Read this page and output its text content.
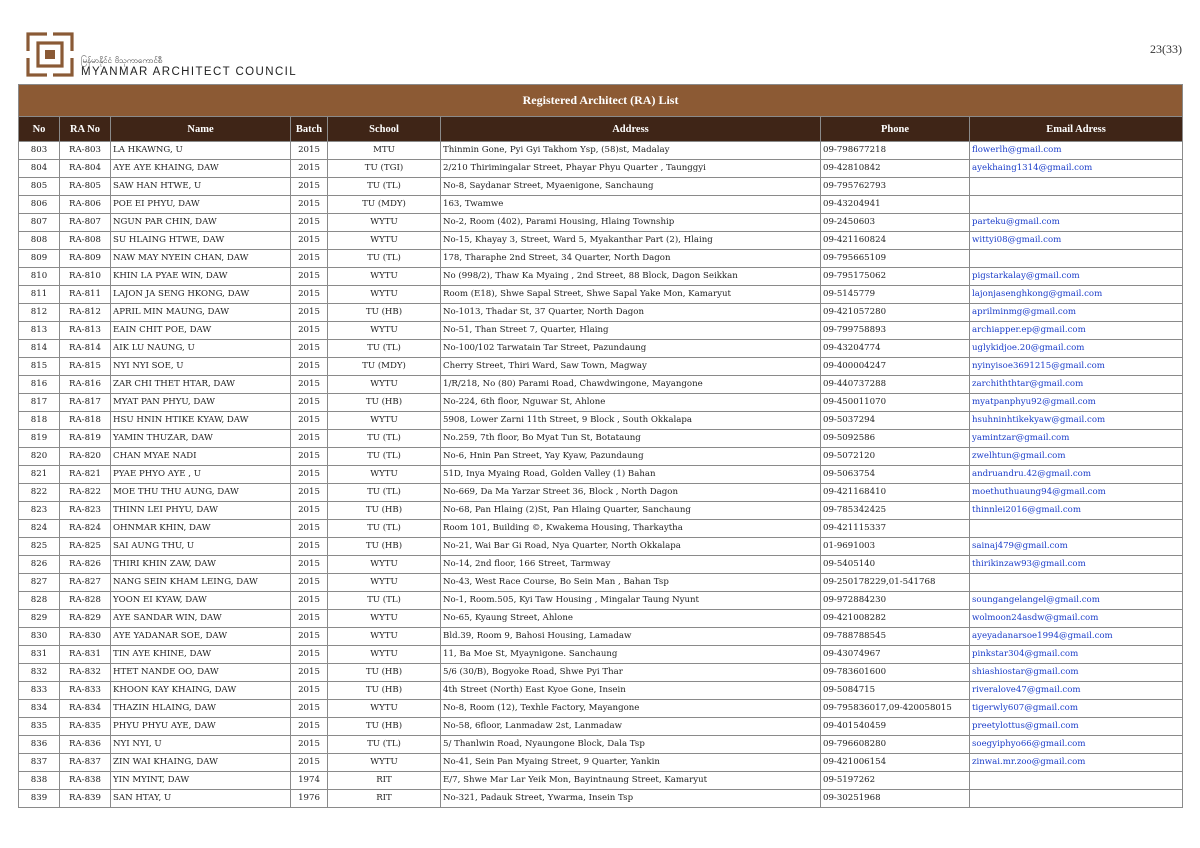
မြန်မာနိုင်ငံ ဗိသုကာကောင်စီ
MYANMAR ARCHITECT COUNCIL
23(33)
Registered Architect (RA) List							
No	RA No	Name	Batch	School	Address	Phone	Email Adress
803	RA-803	LA HKAWNG, U	2015	MTU	Thinmin Gone, Pyi Gyi Takhom Ysp, (58)st, Madalay	09-798677218	flowerlh@gmail.com
804	RA-804	AYE AYE KHAING, DAW	2015	TU (TGI)	2/210 Thirimingalar Street, Phayar Phyu Quarter , Taunggyi	09-42810842	ayekhaing1314@gmail.com
805	RA-805	SAW HAN HTWE, U	2015	TU (TL)	No-8, Saydanar Street, Myaenigone, Sanchaung	09-795762793	
806	RA-806	POE EI PHYU, DAW	2015	TU (MDY)	163, Twamwe	09-43204941	
807	RA-807	NGUN PAR CHIN, DAW	2015	WYTU	No-2, Room (402), Parami Housing, Hlaing Township	09-2450603	parteku@gmail.com
808	RA-808	SU HLAING HTWE, DAW	2015	WYTU	No-15, Khayay 3, Street, Ward 5, Myakanthar Part (2), Hlaing	09-421160824	wittyi08@gmail.com
809	RA-809	NAW MAY NYEIN CHAN, DAW	2015	TU (TL)	178, Tharaphe 2nd Street, 34 Quarter, North Dagon	09-795665109	
810	RA-810	KHIN LA PYAE WIN, DAW	2015	WYTU	No (998/2), Thaw Ka Myaing , 2nd Street, 88 Block, Dagon Seikkan	09-795175062	pigstarkalay@gmail.com
811	RA-811	LAJON JA SENG HKONG, DAW	2015	WYTU	Room (E18), Shwe Sapal Street, Shwe Sapal Yake Mon, Kamaryut	09-5145779	lajonjasenghkong@gmail.com
812	RA-812	APRIL MIN MAUNG, DAW	2015	TU (HB)	No-1013, Thadar St, 37 Quarter, North Dagon	09-421057280	aprilminmg@gmail.com
813	RA-813	EAIN CHIT POE, DAW	2015	WYTU	No-51, Than Street 7, Quarter, Hlaing	09-799758893	archiapper.ep@gmail.com
814	RA-814	AIK LU NAUNG, U	2015	TU (TL)	No-100/102 Tarwatain Tar Street, Pazundaung	09-43204774	uglykidjoe.20@gmail.com
815	RA-815	NYI NYI SOE, U	2015	TU (MDY)	Cherry Street, Thiri Ward, Saw Town, Magway	09-400004247	nyinyisoe3691215@gmail.com
816	RA-816	ZAR CHI THET HTAR, DAW	2015	WYTU	1/R/218, No (80) Parami Road, Chawdwingone, Mayangone	09-440737288	zarchiththtar@gmail.com
817	RA-817	MYAT PAN PHYU, DAW	2015	TU (HB)	No-224, 6th floor, Nguwar St, Ahlone	09-450011070	myatpanphyu92@gmail.com
818	RA-818	HSU HNIN HTIKE KYAW, DAW	2015	WYTU	5908, Lower Zarni 11th Street, 9 Block , South Okkalapa	09-5037294	hsuhninhtikekyaw@gmail.com
819	RA-819	YAMIN THUZAR, DAW	2015	TU (TL)	No.259, 7th floor, Bo Myat Tun St, Botataung	09-5092586	yamintzar@gmail.com
820	RA-820	CHAN MYAE NADI	2015	TU (TL)	No-6, Hnin Pan Street, Yay Kyaw, Pazundaung	09-5072120	zwelhtun@gmail.com
821	RA-821	PYAE PHYO AYE , U	2015	WYTU	51D, Inya Myaing Road, Golden Valley (1) Bahan	09-5063754	andruandru.42@gmail.com
822	RA-822	MOE THU THU AUNG, DAW	2015	TU (TL)	No-669, Da Ma Yarzar Street 36, Block , North Dagon	09-421168410	moethuthuaung94@gmail.com
823	RA-823	THINN LEI PHYU, DAW	2015	TU (HB)	No-68, Pan Hlaing (2)St, Pan Hlaing Quarter, Sanchaung	09-785342425	thinnlei2016@gmail.com
824	RA-824	OHNMAR KHIN, DAW	2015	TU (TL)	Room 101, Building ©, Kwakema Housing, Tharkaytha	09-421115337	
825	RA-825	SAI AUNG THU, U	2015	TU (HB)	No-21, Wai Bar Gi Road, Nya Quarter, North Okkalapa	01-9691003	sainaj479@gmail.com
826	RA-826	THIRI KHIN ZAW, DAW	2015	WYTU	No-14, 2nd floor, 166 Street, Tarmway	09-5405140	thirikinzaw93@gmail.com
827	RA-827	NANG SEIN KHAM LEING, DAW	2015	WYTU	No-43, West Race Course, Bo Sein Man , Bahan Tsp	09-250178229,01-541768	
828	RA-828	YOON EI KYAW, DAW	2015	TU (TL)	No-1, Room.505, Kyi Taw Housing , Mingalar Taung Nyunt	09-972884230	soungangelangel@gmail.com
829	RA-829	AYE SANDAR WIN, DAW	2015	WYTU	No-65, Kyaung Street, Ahlone	09-421008282	wolmoon24asdw@gmail.com
830	RA-830	AYE YADANAR SOE, DAW	2015	WYTU	Bld.39, Room 9, Bahosi Housing, Lamadaw	09-788788545	ayeyadanarsoe1994@gmail.com
831	RA-831	TIN AYE KHINE, DAW	2015	WYTU	11, Ba Moe St, Myaynigone. Sanchaung	09-43074967	pinkstar304@gmail.com
832	RA-832	HTET NANDE OO, DAW	2015	TU (HB)	5/6 (30/B), Bogyoke Road, Shwe Pyi Thar	09-783601600	shiashiostar@gmail.com
833	RA-833	KHOON KAY KHAING, DAW	2015	TU (HB)	4th Street (North) East Kyoe Gone, Insein	09-5084715	riveralove47@gmail.com
834	RA-834	THAZIN HLAING, DAW	2015	WYTU	No-8, Room (12), Texhle Factory, Mayangone	09-795836017,09-420058015	tigerwly607@gmail.com
835	RA-835	PHYU PHYU AYE, DAW	2015	TU (HB)	No-58, 6floor, Lanmadaw 2st, Lanmadaw	09-401540459	preetylottus@gmail.com
836	RA-836	NYI NYI, U	2015	TU (TL)	5/ Thanlwin Road, Nyaungone Block, Dala Tsp	09-796608280	soegyiphyo66@gmail.com
837	RA-837	ZIN WAI KHAING, DAW	2015	WYTU	No-41, Sein Pan Myaing Street, 9 Quarter, Yankin	09-421006154	zinwai.mr.zoo@gmail.com
838	RA-838	YIN MYINT, DAW	1974	RIT	E/7, Shwe Mar Lar Yeik Mon, Bayintnaung Street, Kamaryut	09-5197262	
839	RA-839	SAN HTAY, U	1976	RIT	No-321, Padauk Street, Ywarma, Insein Tsp	09-30251968	
